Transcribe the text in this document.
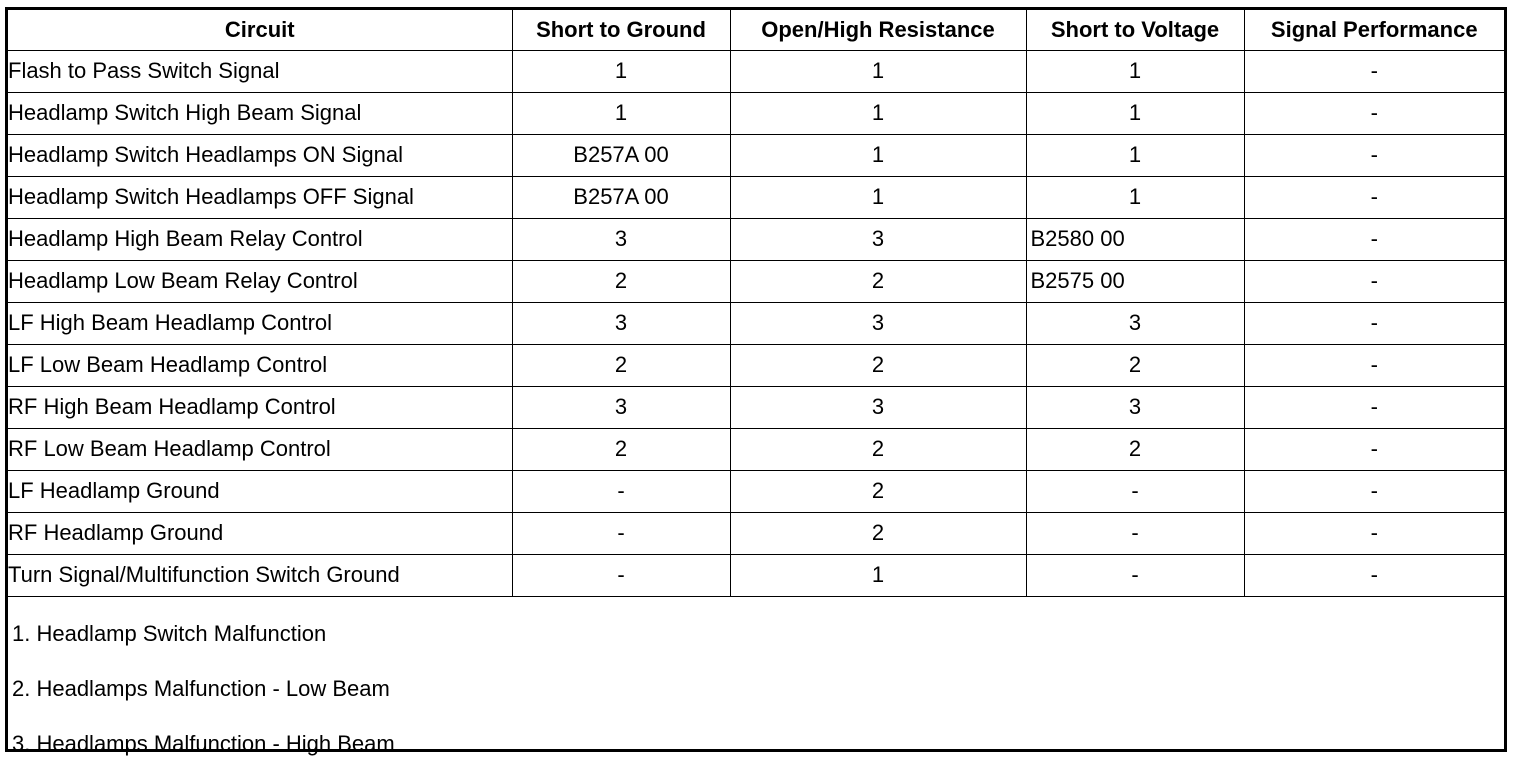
Circuit	Short to Ground	Open/High Resistance	Short to Voltage	Signal Performance
Flash to Pass Switch Signal	1	1	1	-
Headlamp Switch High Beam Signal	1	1	1	-
Headlamp Switch Headlamps ON Signal	B257A 00	1	1	-
Headlamp Switch Headlamps OFF Signal	B257A 00	1	1	-
Headlamp High Beam Relay Control	3	3	B2580 00	-
Headlamp Low Beam Relay Control	2	2	B2575 00	-
LF High Beam Headlamp Control	3	3	3	-
LF Low Beam Headlamp Control	2	2	2	-
RF High Beam Headlamp Control	3	3	3	-
RF Low Beam Headlamp Control	2	2	2	-
LF Headlamp Ground	-	2	-	-
RF Headlamp Ground	-	2	-	-
Turn Signal/Multifunction Switch Ground	-	1	-	-
1. Headlamp Switch Malfunction
2. Headlamps Malfunction - Low Beam
3. Headlamps Malfunction - High Beam
